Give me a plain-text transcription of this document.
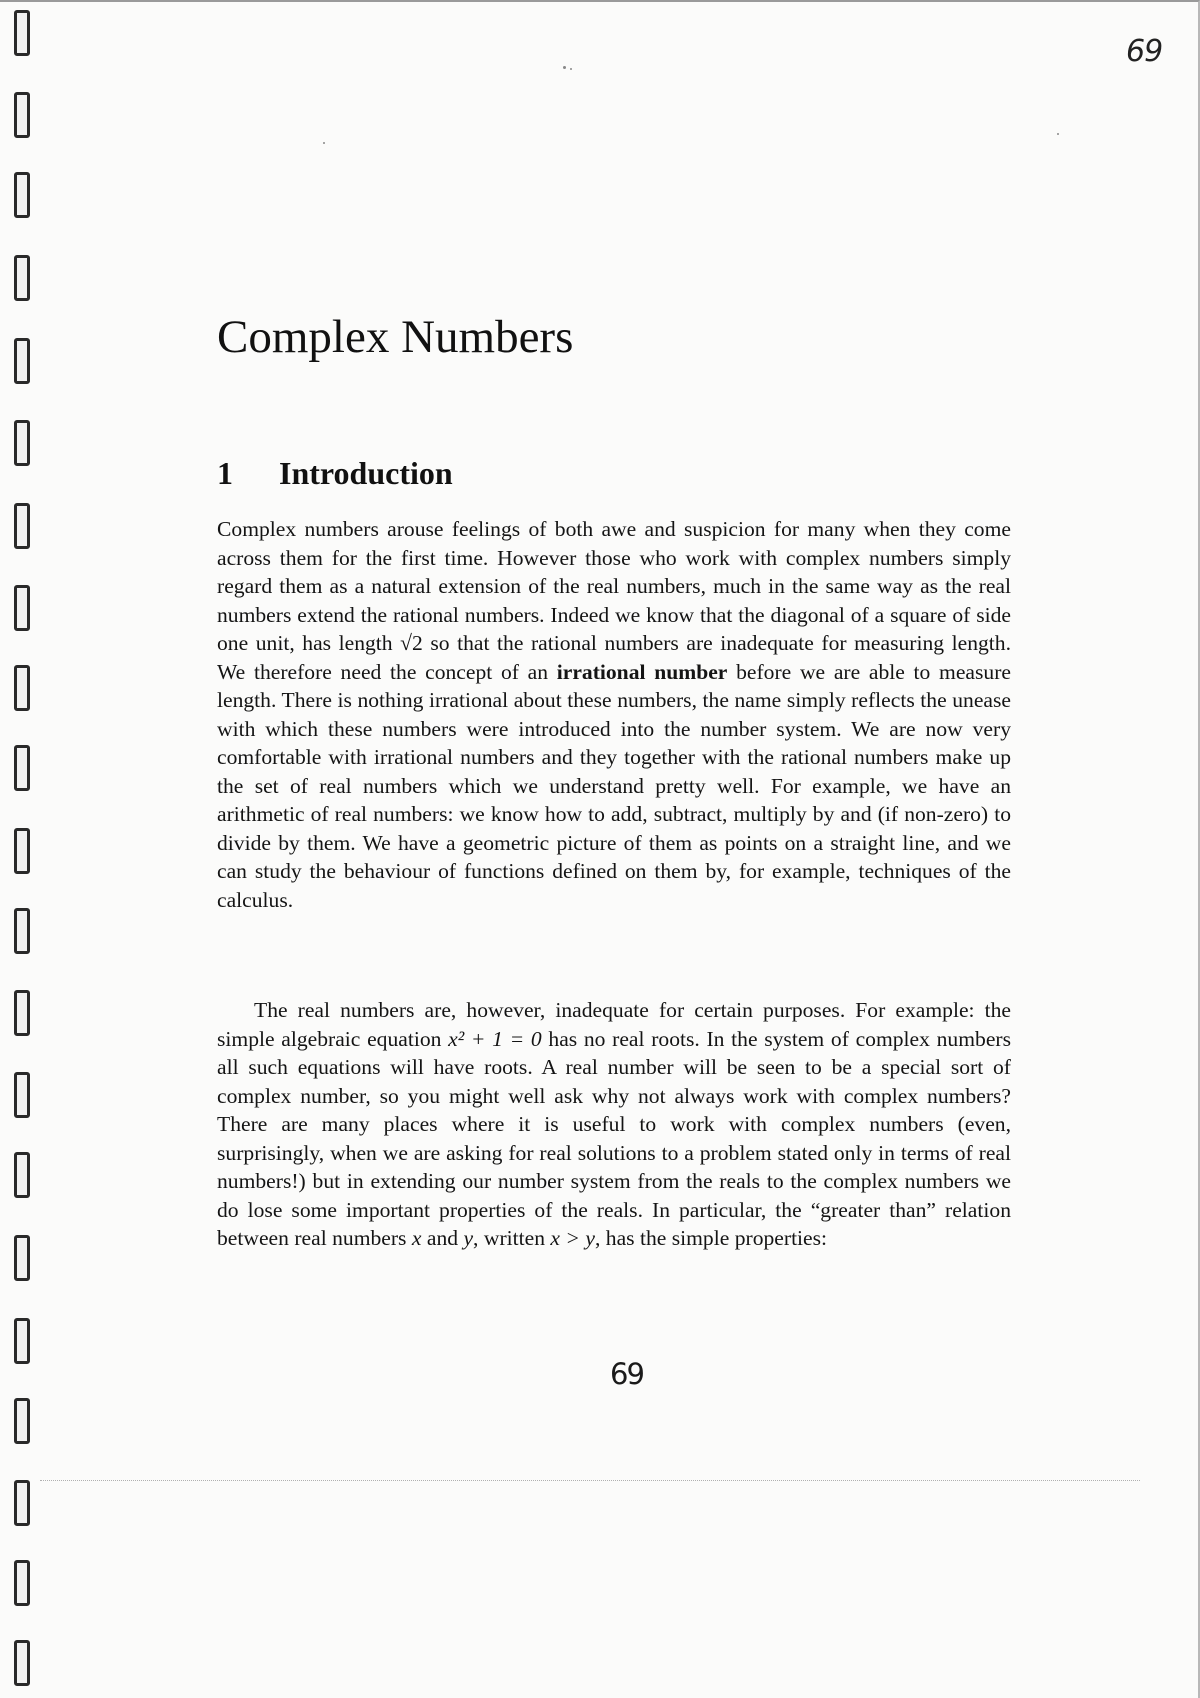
69
Complex Numbers
1 Introduction

Complex numbers arouse feelings of both awe and suspicion for many when they come across them for the first time. However those who work with complex numbers simply regard them as a natural extension of the real numbers, much in the same way as the real numbers extend the rational numbers. Indeed we know that the diagonal of a square of side one unit, has length √2 so that the rational numbers are inadequate for measuring length. We therefore need the concept of an irrational number before we are able to measure length. There is nothing irrational about these numbers, the name simply reflects the unease with which these numbers were introduced into the number system. We are now very comfortable with irrational numbers and they together with the rational numbers make up the set of real numbers which we understand pretty well. For example, we have an arithmetic of real numbers: we know how to add, subtract, multiply by and (if non-zero) to divide by them. We have a geometric picture of them as points on a straight line, and we can study the behaviour of functions defined on them by, for example, techniques of the calculus.

The real numbers are, however, inadequate for certain purposes. For example: the simple algebraic equation x² + 1 = 0 has no real roots. In the system of complex numbers all such equations will have roots. A real number will be seen to be a special sort of complex number, so you might well ask why not always work with complex numbers? There are many places where it is useful to work with complex numbers (even, surprisingly, when we are asking for real solutions to a problem stated only in terms of real numbers!) but in extending our number system from the reals to the complex numbers we do lose some important properties of the reals. In particular, the “greater than” relation between real numbers x and y, written x > y, has the simple properties:

69
